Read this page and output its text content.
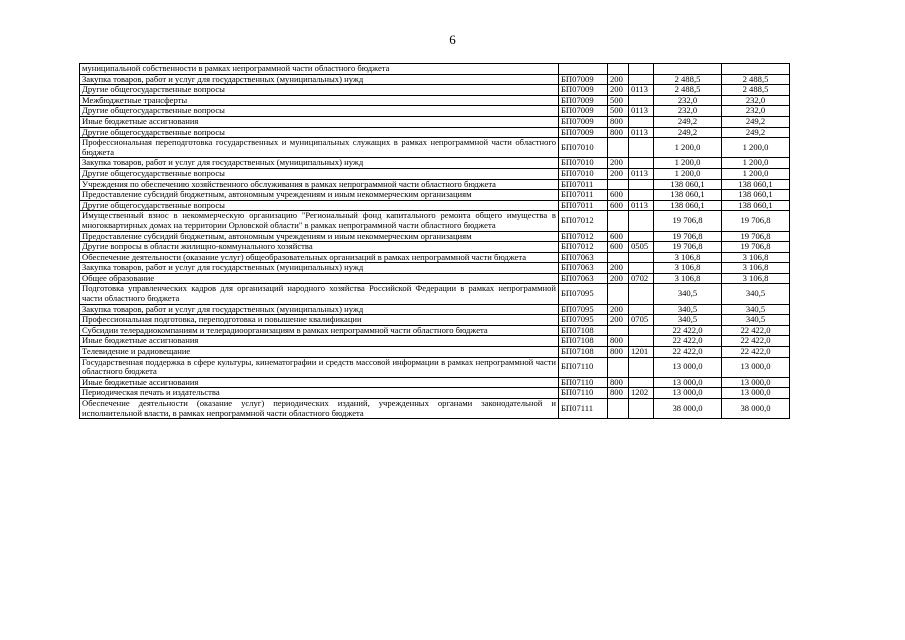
6
муниципальной собственности в рамках непрограммной части областного бюджета					
Закупка товаров, работ и услуг для государственных (муниципальных) нужд	БП07009	200		2 488,5	2 488,5
Другие общегосударственные вопросы	БП07009	200	0113	2 488,5	2 488,5
Межбюджетные трансферты	БП07009	500		232,0	232,0
Другие общегосударственные вопросы	БП07009	500	0113	232,0	232,0
Иные бюджетные ассигнования	БП07009	800		249,2	249,2
Другие общегосударственные вопросы	БП07009	800	0113	249,2	249,2
Профессиональная переподготовка государственных и муниципальных служащих в рамках непрограммной части областного бюджета	БП07010			1 200,0	1 200,0
Закупка товаров, работ и услуг для государственных (муниципальных) нужд	БП07010	200		1 200,0	1 200,0
Другие общегосударственные вопросы	БП07010	200	0113	1 200,0	1 200,0
Учреждения по обеспечению хозяйственного обслуживания в рамках непрограммной части областного бюджета	БП07011			138 060,1	138 060,1
Предоставление субсидий бюджетным, автономным учреждениям и иным некоммерческим организациям	БП07011	600		138 060,1	138 060,1
Другие общегосударственные вопросы	БП07011	600	0113	138 060,1	138 060,1
Имущественный взнос в некоммерческую организацию "Региональный фонд капитального ремонта общего имущества в многоквартирных домах на территории Орловской области" в рамках непрограммной части областного бюджета	БП07012			19 706,8	19 706,8
Предоставление субсидий бюджетным, автономным учреждениям и иным некоммерческим организациям	БП07012	600		19 706,8	19 706,8
Другие вопросы в области жилищно-коммунального хозяйства	БП07012	600	0505	19 706,8	19 706,8
Обеспечение деятельности (оказание услуг) общеобразовательных организаций в рамках непрограммной части бюджета	БП07063			3 106,8	3 106,8
Закупка товаров, работ и услуг для государственных (муниципальных) нужд	БП07063	200		3 106,8	3 106,8
Общее образование	БП07063	200	0702	3 106,8	3 106,8
Подготовка управленческих кадров для организаций народного хозяйства Российской Федерации в рамках непрограммной части областного бюджета	БП07095			340,5	340,5
Закупка товаров, работ и услуг для государственных (муниципальных) нужд	БП07095	200		340,5	340,5
Профессиональная подготовка, переподготовка и повышение квалификации	БП07095	200	0705	340,5	340,5
Субсидии телерадиокомпаниям и телерадиоорганизациям в рамках непрограммной части областного бюджета	БП07108			22 422,0	22 422,0
Иные бюджетные ассигнования	БП07108	800		22 422,0	22 422,0
Телевидение и радиовещание	БП07108	800	1201	22 422,0	22 422,0
Государственная поддержка в сфере культуры, кинематографии и средств массовой информации в рамках непрограммной части областного бюджета	БП07110			13 000,0	13 000,0
Иные бюджетные ассигнования	БП07110	800		13 000,0	13 000,0
Периодическая печать и издательства	БП07110	800	1202	13 000,0	13 000,0
Обеспечение деятельности (оказание услуг) периодических изданий, учрежденных органами законодательной и исполнительной власти, в рамках непрограммной части областного бюджета	БП07111			38 000,0	38 000,0
